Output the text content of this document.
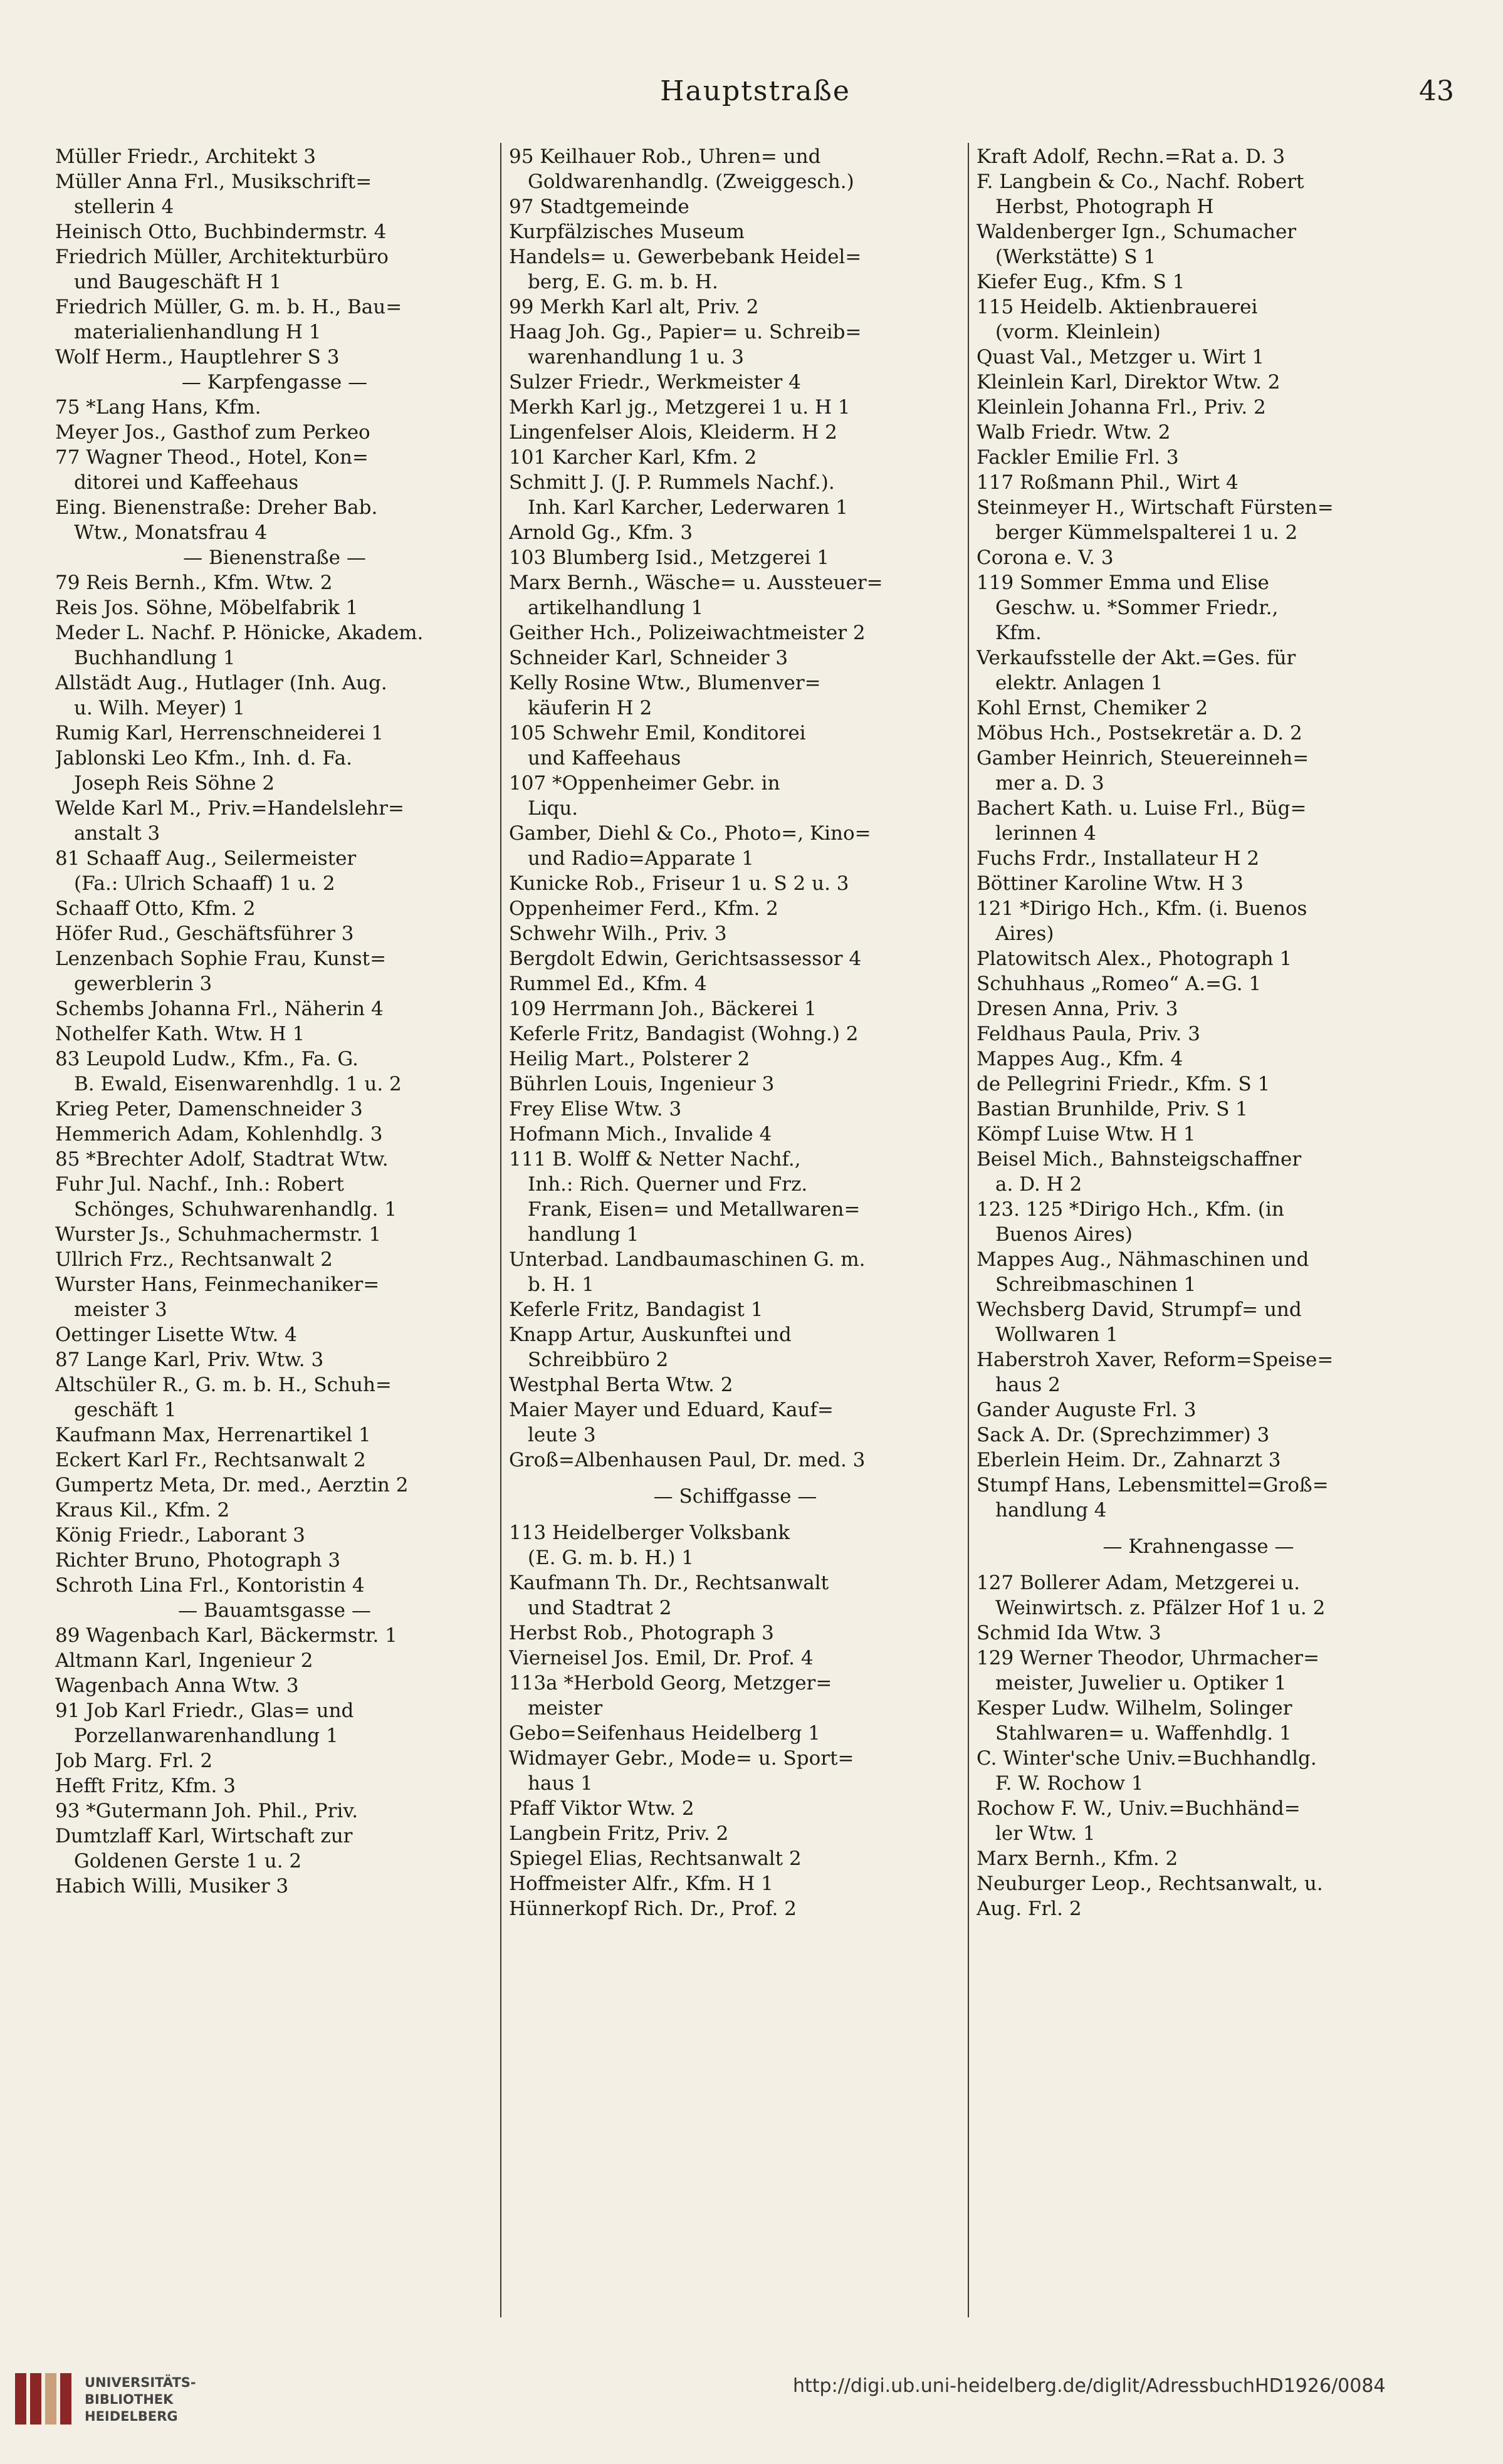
Hauptstraße	43
Müller Friedr., Architekt 3
Müller Anna Frl., Musikschrift=
stellerin 4
Heinisch Otto, Buchbindermstr. 4
Friedrich Müller, Architekturbüro
und Baugeschäft H 1
Friedrich Müller, G. m. b. H., Bau=
materialienhandlung H 1
Wolf Herm., Hauptlehrer S 3
— Karpfengasse —
75 *Lang Hans, Kfm.
Meyer Jos., Gasthof zum Perkeo
77 Wagner Theod., Hotel, Kon=
ditorei und Kaffeehaus
Eing. Bienenstraße: Dreher Bab.
Wtw., Monatsfrau 4
— Bienenstraße —
79 Reis Bernh., Kfm. Wtw. 2
Reis Jos. Söhne, Möbelfabrik 1
Meder L. Nachf. P. Hönicke, Akadem.
Buchhandlung 1
Allstädt Aug., Hutlager (Inh. Aug.
u. Wilh. Meyer) 1
Rumig Karl, Herrenschneiderei 1
Jablonski Leo Kfm., Inh. d. Fa.
Joseph Reis Söhne 2
Welde Karl M., Priv.=Handelslehr=
anstalt 3
81 Schaaff Aug., Seilermeister
(Fa.: Ulrich Schaaff) 1 u. 2
Schaaff Otto, Kfm. 2
Höfer Rud., Geschäftsführer 3
Lenzenbach Sophie Frau, Kunst=
gewerblerin 3
Schembs Johanna Frl., Näherin 4
Nothelfer Kath. Wtw. H 1
83 Leupold Ludw., Kfm., Fa. G.
B. Ewald, Eisenwarenhdlg. 1 u. 2
Krieg Peter, Damenschneider 3
Hemmerich Adam, Kohlenhdlg. 3
85 *Brechter Adolf, Stadtrat Wtw.
Fuhr Jul. Nachf., Inh.: Robert
Schönges, Schuhwarenhandlg. 1
Wurster Js., Schuhmachermstr. 1
Ullrich Frz., Rechtsanwalt 2
Wurster Hans, Feinmechaniker=
meister 3
Oettinger Lisette Wtw. 4
87 Lange Karl, Priv. Wtw. 3
Altschüler R., G. m. b. H., Schuh=
geschäft 1
Kaufmann Max, Herrenartikel 1
Eckert Karl Fr., Rechtsanwalt 2
Gumpertz Meta, Dr. med., Aerztin 2
Kraus Kil., Kfm. 2
König Friedr., Laborant 3
Richter Bruno, Photograph 3
Schroth Lina Frl., Kontoristin 4
— Bauamtsgasse —
89 Wagenbach Karl, Bäckermstr. 1
Altmann Karl, Ingenieur 2
Wagenbach Anna Wtw. 3
91 Job Karl Friedr., Glas= und
Porzellanwarenhandlung 1
Job Marg. Frl. 2
Hefft Fritz, Kfm. 3
93 *Gutermann Joh. Phil., Priv.
Dumtzlaff Karl, Wirtschaft zur
Goldenen Gerste 1 u. 2
Habich Willi, Musiker 3
95 Keilhauer Rob., Uhren= und
Goldwarenhandlg. (Zweiggesch.)
97 Stadtgemeinde
Kurpfälzisches Museum
Handels= u. Gewerbebank Heidel=
berg, E. G. m. b. H.
99 Merkh Karl alt, Priv. 2
Haag Joh. Gg., Papier= u. Schreib=
warenhandlung 1 u. 3
Sulzer Friedr., Werkmeister 4
Merkh Karl jg., Metzgerei 1 u. H 1
Lingenfelser Alois, Kleiderm. H 2
101 Karcher Karl, Kfm. 2
Schmitt J. (J. P. Rummels Nachf.).
Inh. Karl Karcher, Lederwaren 1
Arnold Gg., Kfm. 3
103 Blumberg Isid., Metzgerei 1
Marx Bernh., Wäsche= u. Aussteuer=
artikelhandlung 1
Geither Hch., Polizeiwachtmeister 2
Schneider Karl, Schneider 3
Kelly Rosine Wtw., Blumenver=
käuferin H 2
105 Schwehr Emil, Konditorei
und Kaffeehaus
107 *Oppenheimer Gebr. in
Liqu.
Gamber, Diehl & Co., Photo=, Kino=
und Radio=Apparate 1
Kunicke Rob., Friseur 1 u. S 2 u. 3
Oppenheimer Ferd., Kfm. 2
Schwehr Wilh., Priv. 3
Bergdolt Edwin, Gerichtsassessor 4
Rummel Ed., Kfm. 4
109 Herrmann Joh., Bäckerei 1
Keferle Fritz, Bandagist (Wohng.) 2
Heilig Mart., Polsterer 2
Bührlen Louis, Ingenieur 3
Frey Elise Wtw. 3
Hofmann Mich., Invalide 4
111 B. Wolff & Netter Nachf.,
Inh.: Rich. Querner und Frz.
Frank, Eisen= und Metallwaren=
handlung 1
Unterbad. Landbaumaschinen G. m.
b. H. 1
Keferle Fritz, Bandagist 1
Knapp Artur, Auskunftei und
Schreibbüro 2
Westphal Berta Wtw. 2
Maier Mayer und Eduard, Kauf=
leute 3
Groß=Albenhausen Paul, Dr. med. 3
— Schiffgasse —
113 Heidelberger Volksbank
(E. G. m. b. H.) 1
Kaufmann Th. Dr., Rechtsanwalt
und Stadtrat 2
Herbst Rob., Photograph 3
Vierneisel Jos. Emil, Dr. Prof. 4
113a *Herbold Georg, Metzger=
meister
Gebo=Seifenhaus Heidelberg 1
Widmayer Gebr., Mode= u. Sport=
haus 1
Pfaff Viktor Wtw. 2
Langbein Fritz, Priv. 2
Spiegel Elias, Rechtsanwalt 2
Hoffmeister Alfr., Kfm. H 1
Hünnerkopf Rich. Dr., Prof. 2
Kraft Adolf, Rechn.=Rat a. D. 3
F. Langbein & Co., Nachf. Robert
Herbst, Photograph H
Waldenberger Ign., Schumacher
(Werkstätte) S 1
Kiefer Eug., Kfm. S 1
115 Heidelb. Aktienbrauerei
(vorm. Kleinlein)
Quast Val., Metzger u. Wirt 1
Kleinlein Karl, Direktor Wtw. 2
Kleinlein Johanna Frl., Priv. 2
Walb Friedr. Wtw. 2
Fackler Emilie Frl. 3
117 Roßmann Phil., Wirt 4
Steinmeyer H., Wirtschaft Fürsten=
berger Kümmelspalterei 1 u. 2
Corona e. V. 3
119 Sommer Emma und Elise
Geschw. u. *Sommer Friedr.,
Kfm.
Verkaufsstelle der Akt.=Ges. für
elektr. Anlagen 1
Kohl Ernst, Chemiker 2
Möbus Hch., Postsekretär a. D. 2
Gamber Heinrich, Steuereinneh=
mer a. D. 3
Bachert Kath. u. Luise Frl., Büg=
lerinnen 4
Fuchs Frdr., Installateur H 2
Böttiner Karoline Wtw. H 3
121 *Dirigo Hch., Kfm. (i. Buenos
Aires)
Platowitsch Alex., Photograph 1
Schuhhaus „Romeo“ A.=G. 1
Dresen Anna, Priv. 3
Feldhaus Paula, Priv. 3
Mappes Aug., Kfm. 4
de Pellegrini Friedr., Kfm. S 1
Bastian Brunhilde, Priv. S 1
Kömpf Luise Wtw. H 1
Beisel Mich., Bahnsteigschaffner
a. D. H 2
123. 125 *Dirigo Hch., Kfm. (in
Buenos Aires)
Mappes Aug., Nähmaschinen und
Schreibmaschinen 1
Wechsberg David, Strumpf= und
Wollwaren 1
Haberstroh Xaver, Reform=Speise=
haus 2
Gander Auguste Frl. 3
Sack A. Dr. (Sprechzimmer) 3
Eberlein Heim. Dr., Zahnarzt 3
Stumpf Hans, Lebensmittel=Groß=
handlung 4
— Krahnengasse —
127 Bollerer Adam, Metzgerei u.
Weinwirtsch. z. Pfälzer Hof 1 u. 2
Schmid Ida Wtw. 3
129 Werner Theodor, Uhrmacher=
meister, Juwelier u. Optiker 1
Kesper Ludw. Wilhelm, Solinger
Stahlwaren= u. Waffenhdlg. 1
C. Winter'sche Univ.=Buchhandlg.
F. W. Rochow 1
Rochow F. W., Univ.=Buchhänd=
ler Wtw. 1
Marx Bernh., Kfm. 2
Neuburger Leop., Rechtsanwalt, u.
Aug. Frl. 2
UNIVERSITÄTS-
BIBLIOTHEK
HEIDELBERG
http://digi.ub.uni-heidelberg.de/diglit/AdressbuchHD1926/0084
